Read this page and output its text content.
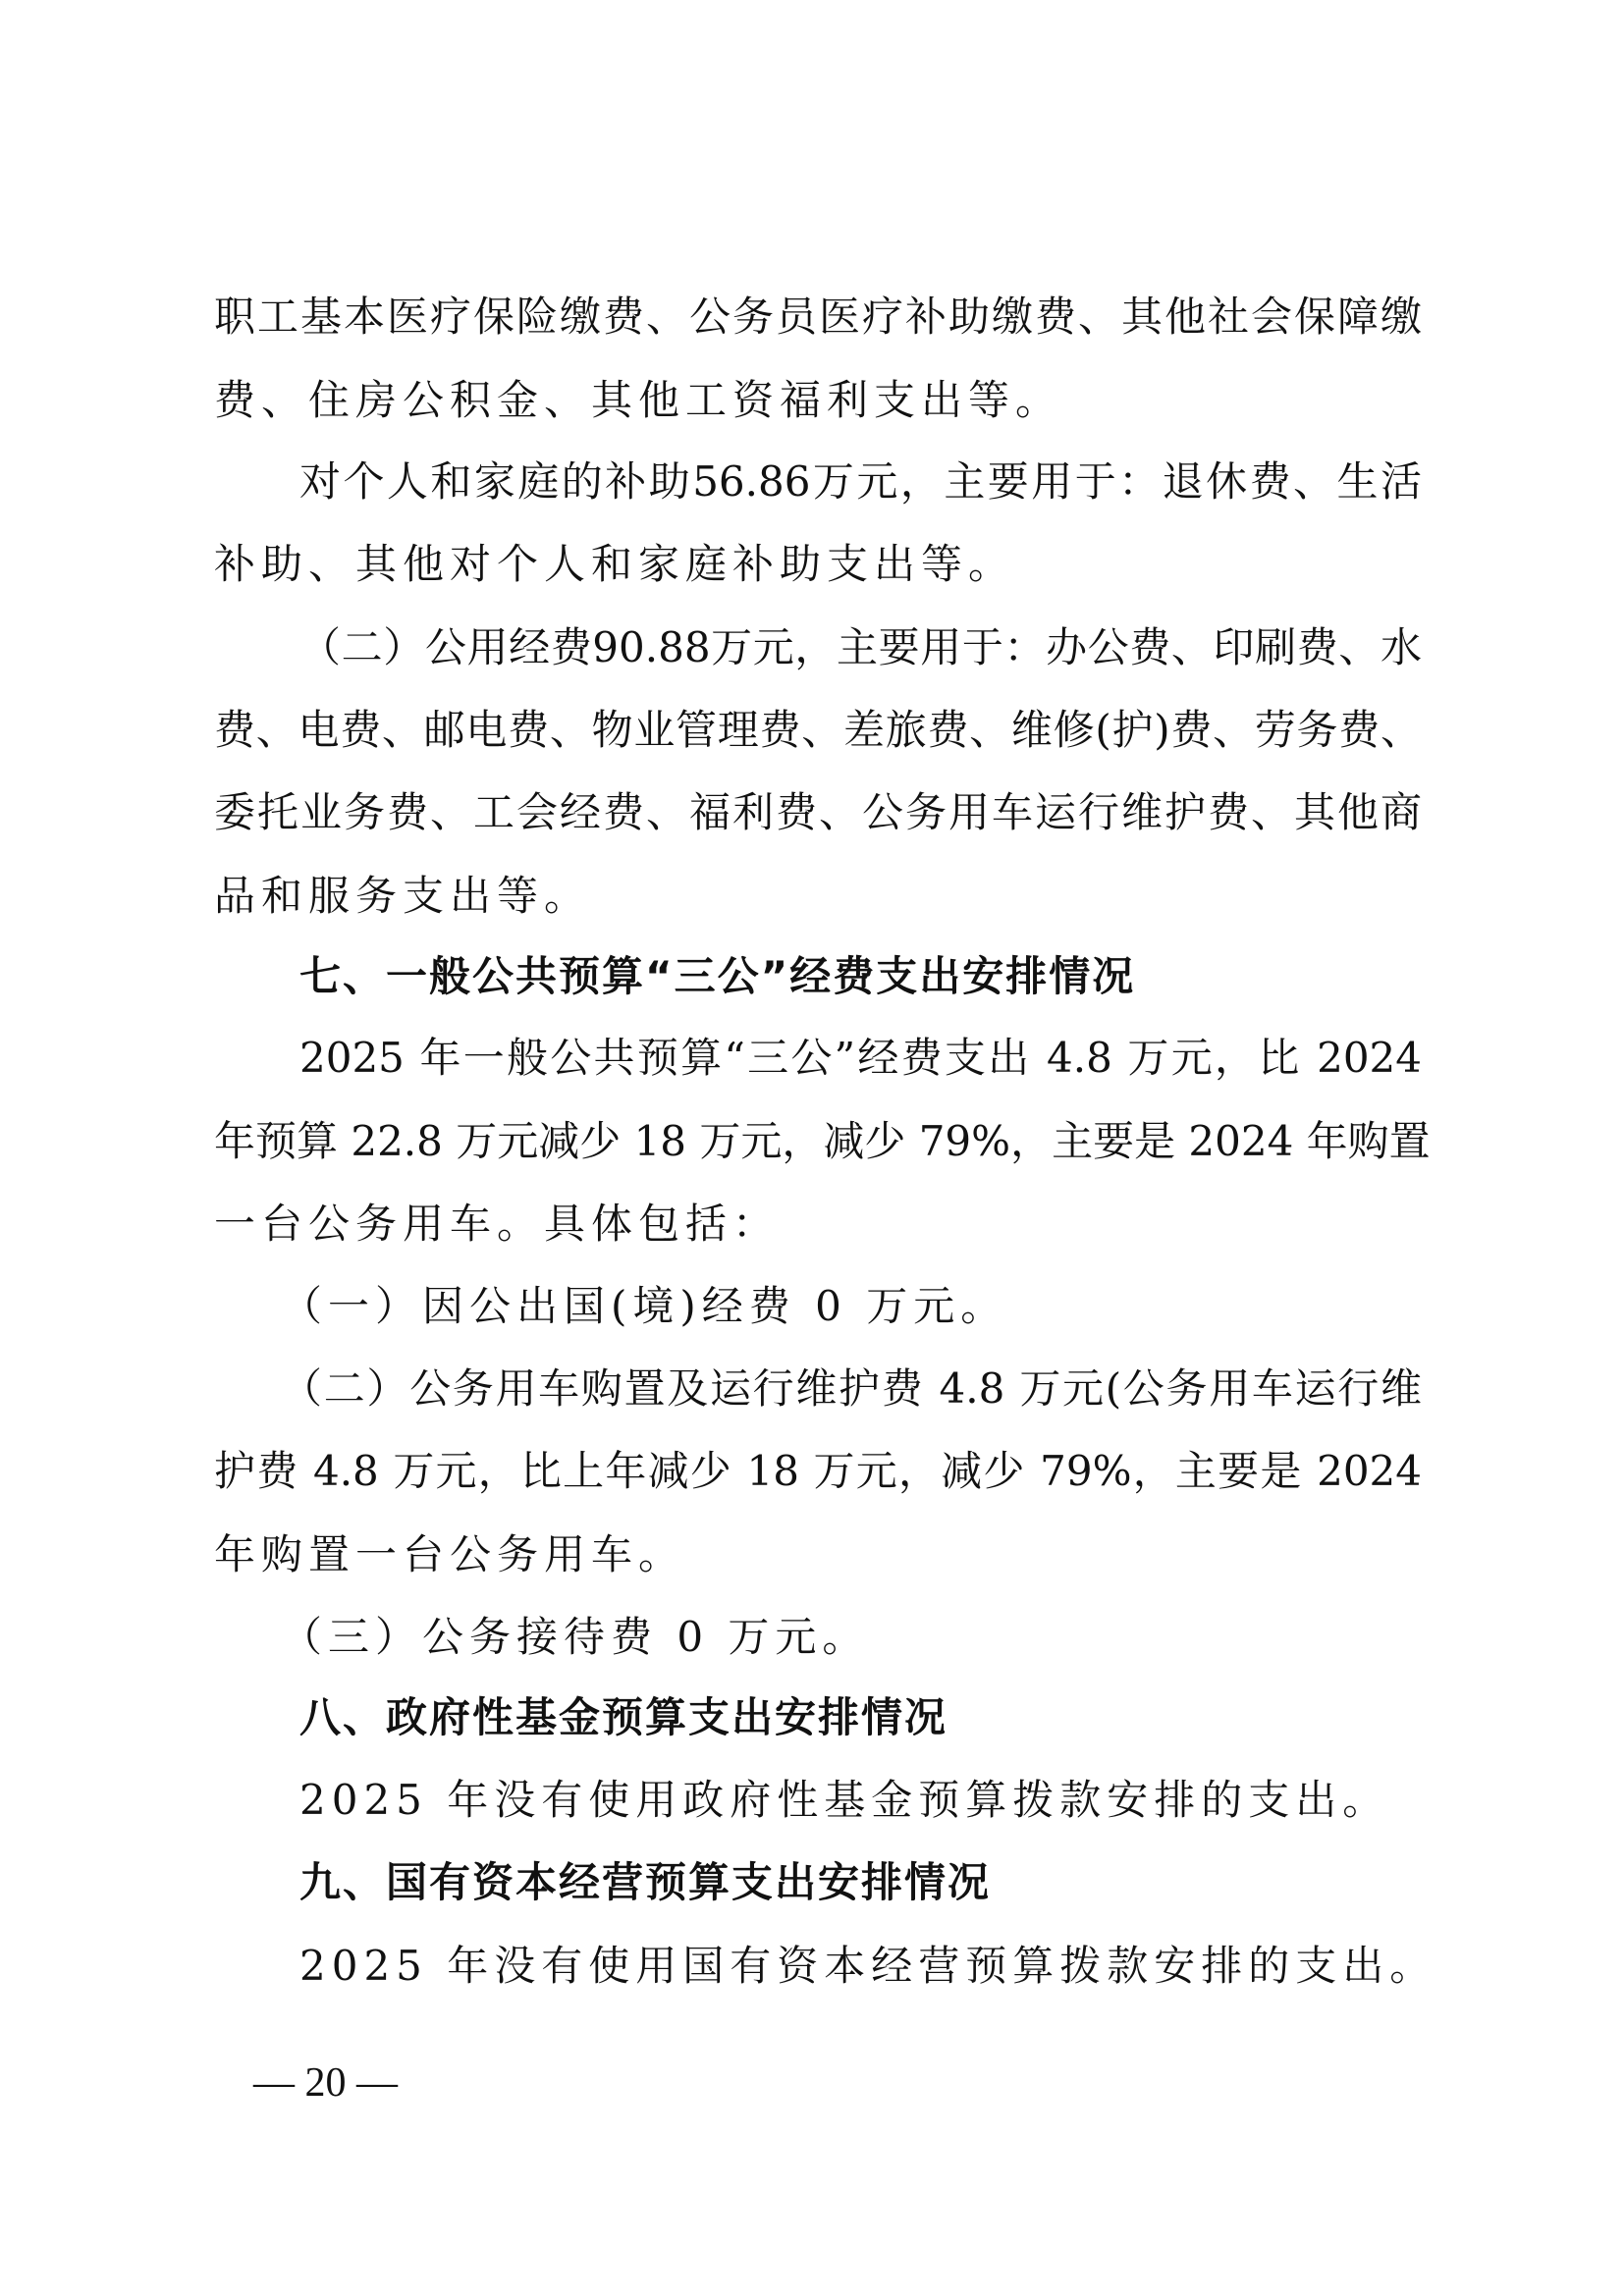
职工基本医疗保险缴费、公务员医疗补助缴费、其他社会保障缴
费、住房公积金、其他工资福利支出等。
对个人和家庭的补助56.86万元，主要用于：退休费、生活
补助、其他对个人和家庭补助支出等。
（二）公用经费90.88万元，主要用于：办公费、印刷费、水
费、电费、邮电费、物业管理费、差旅费、维修(护)费、劳务费、
委托业务费、工会经费、福利费、公务用车运行维护费、其他商
品和服务支出等。
七、一般公共预算“三公”经费支出安排情况
2025 年一般公共预算“三公”经费支出 4.8 万元，比 2024
年预算 22.8 万元减少 18 万元，减少 79%，主要是 2024 年购置
一台公务用车。具体包括：
（一）因公出国(境)经费 0 万元。
（二）公务用车购置及运行维护费 4.8 万元(公务用车运行维
护费 4.8 万元，比上年减少 18 万元，减少 79%，主要是 2024
年购置一台公务用车。
（三）公务接待费 0 万元。
八、政府性基金预算支出安排情况
2025 年没有使用政府性基金预算拨款安排的支出。
九、国有资本经营预算支出安排情况
2025 年没有使用国有资本经营预算拨款安排的支出。
— 20 —
